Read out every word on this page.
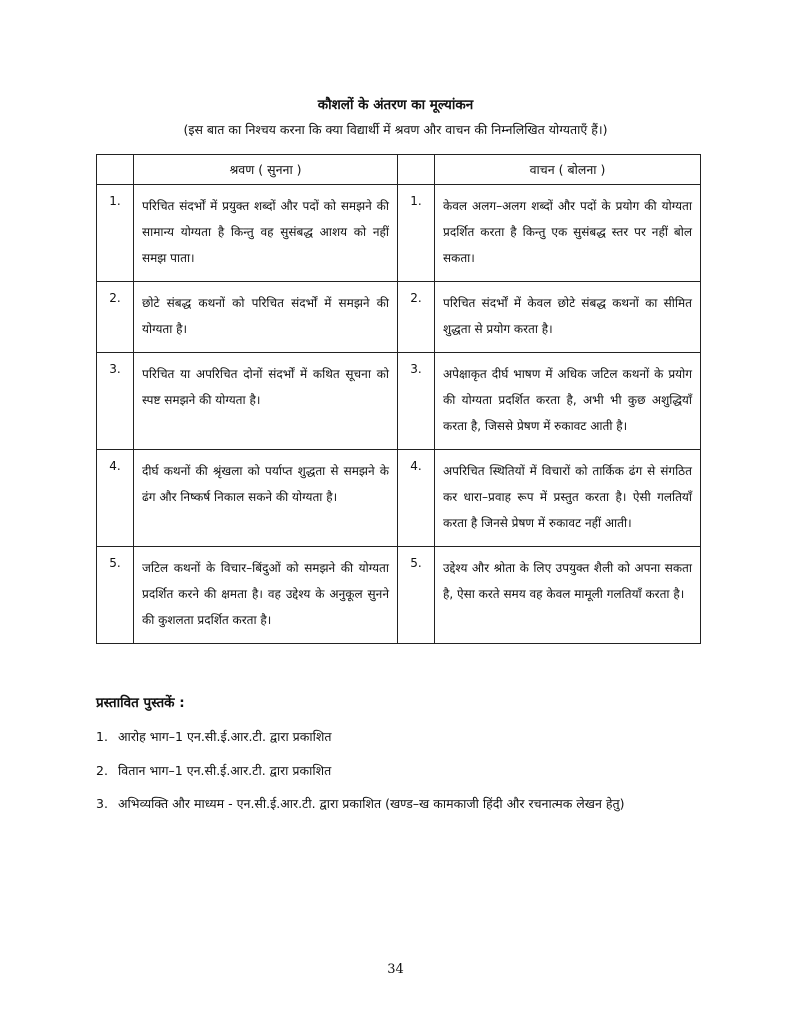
कौशलों के अंतरण का मूल्यांकन
(इस बात का निश्चय करना कि क्या विद्यार्थी में श्रवण और वाचन की निम्नलिखित योग्यताएँ हैं।)
	श्रवण ( सुनना )		वाचन ( बोलना )
1.	परिचित संदर्भों में प्रयुक्त शब्दों और पदों को समझने की सामान्य योग्यता है किन्तु वह सुसंबद्ध आशय को नहीं समझ पाता।	1.	केवल अलग–अलग शब्दों और पदों के प्रयोग की योग्यता प्रदर्शित करता है किन्तु एक सुसंबद्ध स्तर पर नहीं बोल सकता।
2.	छोटे संबद्ध कथनों को परिचित संदर्भों में समझने की योग्यता है।	2.	परिचित संदर्भों में केवल छोटे संबद्ध कथनों का सीमित शुद्धता से प्रयोग करता है।
3.	परिचित या अपरिचित दोनों संदर्भों में कथित सूचना को स्पष्ट समझने की योग्यता है।	3.	अपेक्षाकृत दीर्घ भाषण में अधिक जटिल कथनों के प्रयोग की योग्यता प्रदर्शित करता है, अभी भी कुछ अशुद्धियाँ करता है, जिससे प्रेषण में रुकावट आती है।
4.	दीर्घ कथनों की श्रृंखला को पर्याप्त शुद्धता से समझने के ढंग और निष्कर्ष निकाल सकने की योग्यता है।	4.	अपरिचित स्थितियों में विचारों को तार्किक ढंग से संगठित कर धारा–प्रवाह रूप में प्रस्तुत करता है। ऐसी गलतियाँ करता है जिनसे प्रेषण में रुकावट नहीं आती।
5.	जटिल कथनों के विचार–बिंदुओं को समझने की योग्यता प्रदर्शित करने की क्षमता है। वह उद्देश्य के अनुकूल सुनने की कुशलता प्रदर्शित करता है।	5.	उद्देश्य और श्रोता के लिए उपयुक्त शैली को अपना सकता है, ऐसा करते समय वह केवल मामूली गलतियाँ करता है।
प्रस्तावित पुस्तकें :
1. आरोह भाग–1 एन.सी.ई.आर.टी. द्वारा प्रकाशित
2. वितान भाग–1 एन.सी.ई.आर.टी. द्वारा प्रकाशित
3. अभिव्यक्ति और माध्यम - एन.सी.ई.आर.टी. द्वारा प्रकाशित (खण्ड–ख कामकाजी हिंदी और रचनात्मक लेखन हेतु)
34
